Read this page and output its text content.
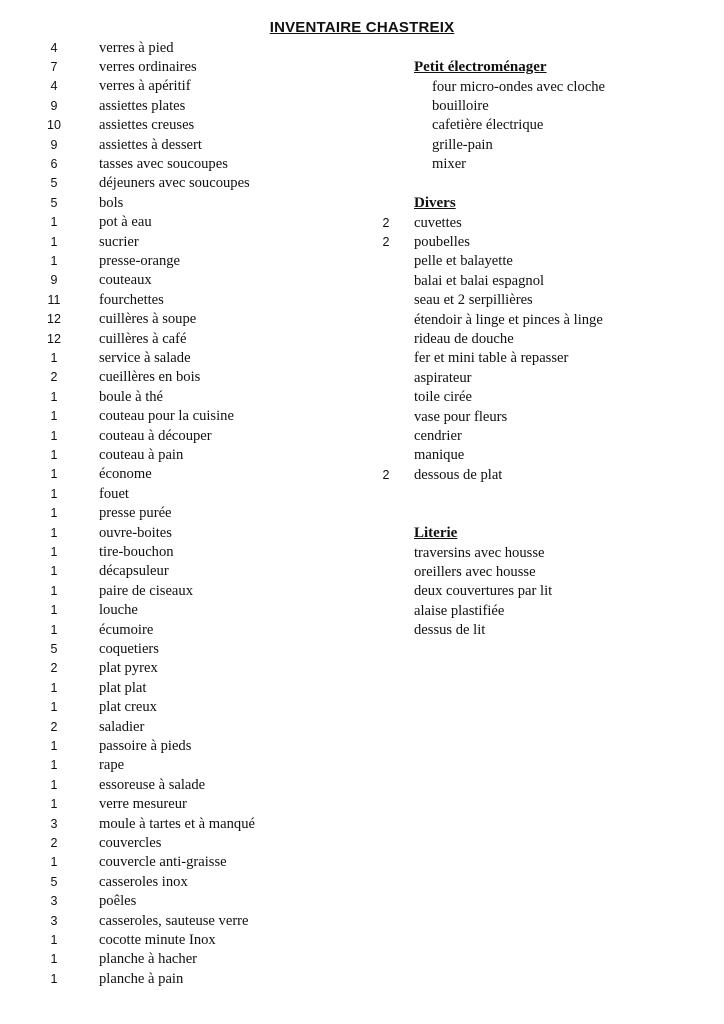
INVENTAIRE CHASTREIX
4	verres à pied
7	verres ordinaires
4	verres à apéritif
9	assiettes plates
10	assiettes creuses
9	assiettes à dessert
6	tasses avec soucoupes
5	déjeuners avec soucoupes
5	bols
1	pot à eau
1	sucrier
1	presse-orange
9	couteaux
11	fourchettes
12	cuillères à soupe
12	cuillères à café
1	service à salade
2	cueillères en bois
1	boule à thé
1	couteau pour la cuisine
1	couteau à découper
1	couteau à pain
1	économe
1	fouet
1	presse purée
1	ouvre-boites
1	tire-bouchon
1	décapsuleur
1	paire de ciseaux
1	louche
1	écumoire
5	coquetiers
2	plat pyrex
1	plat plat
1	plat creux
2	saladier
1	passoire à pieds
1	rape
1	essoreuse à salade
1	verre mesureur
3	moule à tartes et à manqué
2	couvercles
1	couvercle anti-graisse
5	casseroles inox
3	poêles
3	casseroles, sauteuse verre
1	cocotte minute Inox
1	planche à hacher
1	planche à pain
Petit électroménager
four micro-ondes avec cloche
bouilloire
cafetière électrique
grille-pain
mixer
Divers
2	cuvettes
2	poubelles
pelle et balayette
balai et balai espagnol
seau et 2 serpillières
étendoir à linge et pinces à linge
rideau de douche
fer et mini table à repasser
aspirateur
toile cirée
vase pour fleurs
cendrier
manique
2	dessous de plat
Literie
traversins avec housse
oreillers avec housse
deux couvertures par lit
alaise plastifiée
dessus de lit
